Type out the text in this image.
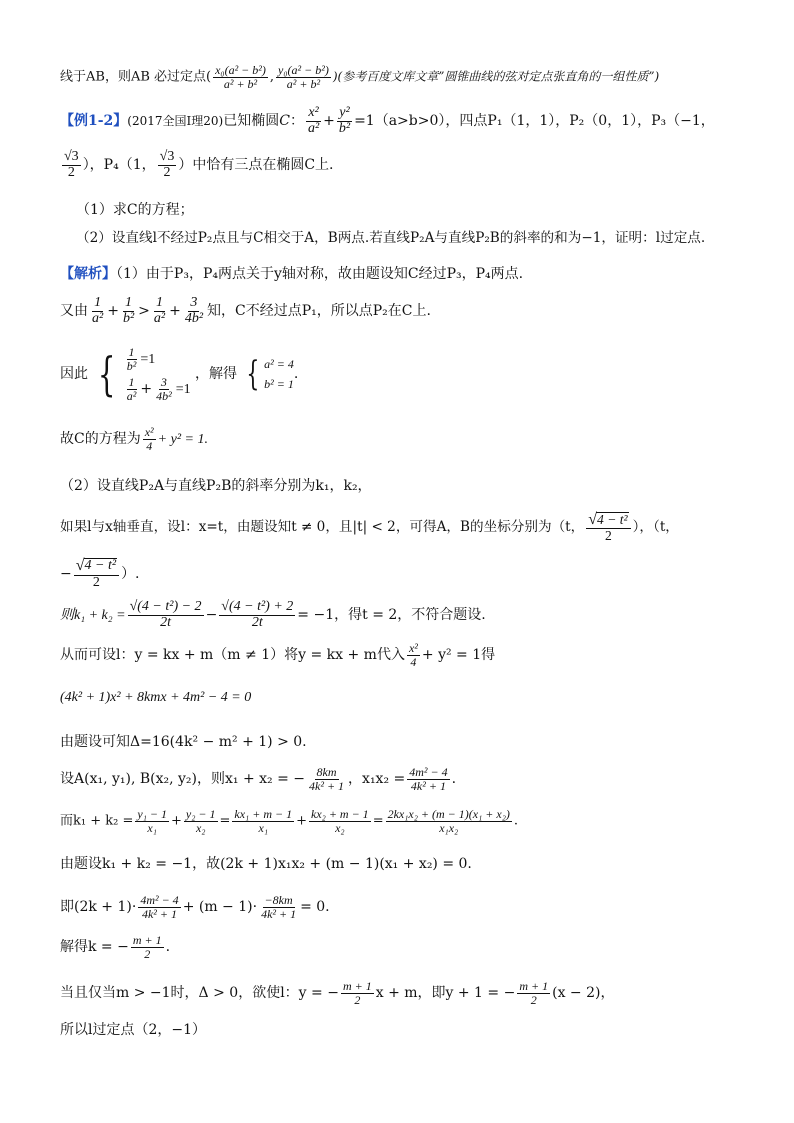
线于AB，则AB 必过定点( $\frac{\text{x₀(a² − b²)}}{\text{a² + b²}}$ , $\frac{\text{y₀(a² − b²)}}{\text{a² + b²}}$ )(参考百度文库文章”圆锥曲线的弦对定点张直角的一组性质”)
【例1-2】(2017全国Ⅰ理20)已知椭圆C： $\frac{\text{x²}}{\text{a²}} + \frac{\text{y²}}{\text{b²}} =1(a>b>0)$，四点P₁（1，1），P₂（0，1），P₃（−1，
$\frac{√3}{2}$ ），P₄（1， $\frac{√3}{2}$ ）中恰有三点在椭圆C上.
（1）求C的方程；
（2）设直线l不经过P₂点且与C相交于A，B两点.若直线P₂A与直线P₂B的斜率的和为−1，证明：l过定点.
【解析】（1）由于P₃，P₄两点关于y轴对称，故由题设知C经过P₃，P₄两点.
又由 $\frac{1}{\text{a²}} + \frac{1}{\text{b²}} > \frac{1}{\text{a²}} + \frac{3}{\text{4b²}}$ 知，C不经过点P₁，所以点P₂在C上.
因此 { $\frac{1}{\text{b²}} =1$
$\frac{1}{\text{a²}} + \frac{3}{\text{4b²}} =1$
，解得 { a² = 4
b² = 1
.
故C的方程为 $\frac{\text{x²}}{4} + y^2 = 1$.
（2）设直线P₂A与直线P₂B的斜率分别为k₁，k₂，
如果l与x轴垂直，设l：x=t，由题设知t ≠ 0，且|t| < 2，可得A，B的坐标分别为（t， $\frac{\text{√ 4 − t²}}{2}$ ），（t，
− $\frac{\text{√ 4 − t²}}{2}$ ）.
则$k_1 + k_2 = \frac{\text{√(4 − t²) − 2}}{2t} - \frac{\text{√(4 − t²) + 2}}{2t} = -1$，得t = 2，不符合题设.
从而可设l：y = kx + m（m ≠ 1）将y = kx + m代入 $\frac{\text{x²}}{4} + y^2 = 1$得
(4k² + 1)x² + 8kmx + 4m² − 4 = 0
由题设可知Δ=16(4k² − m² + 1) > 0.
设A(x₁, y₁), B(x₂, y₂)，则x₁ + x₂ = − $\frac{8km}{\text{4k² + 1}}$ ，$x_1x_2 = \frac{\text{4m² − 4}}{\text{4k² + 1}}$ .
而$k_1 + k_2 = \frac{\text{y₁ − 1}}{\text{x₁}} + \frac{\text{y₂ − 1}}{\text{x₂}} = \frac{\text{kx₁ + m − 1}}{\text{x₁}} + \frac{\text{kx₂ + m − 1}}{\text{x₂}} = \frac{\text{2kx₁x₂ + (m − 1)(x₁ + x₂)}}{\text{x₁x₂}}$ .
由题设k₁ + k₂ = −1，故(2k + 1)x₁x₂ + (m − 1)(x₁ + x₂) = 0.
即$(2k + 1)\cdot \frac{\text{4m² − 4}}{\text{4k² + 1}} + (m - 1)\cdot \frac{-8km}{\text{4k² + 1}} = 0$.
解得k = − $\frac{m + 1}{2}$ .
当且仅当m > −1时，Δ > 0，欲使l：y = − $\frac{m + 1}{2}$ x + m，即y + 1 = − $\frac{m + 1}{2} (x - 2)$，
所以l过定点（2，−1）
